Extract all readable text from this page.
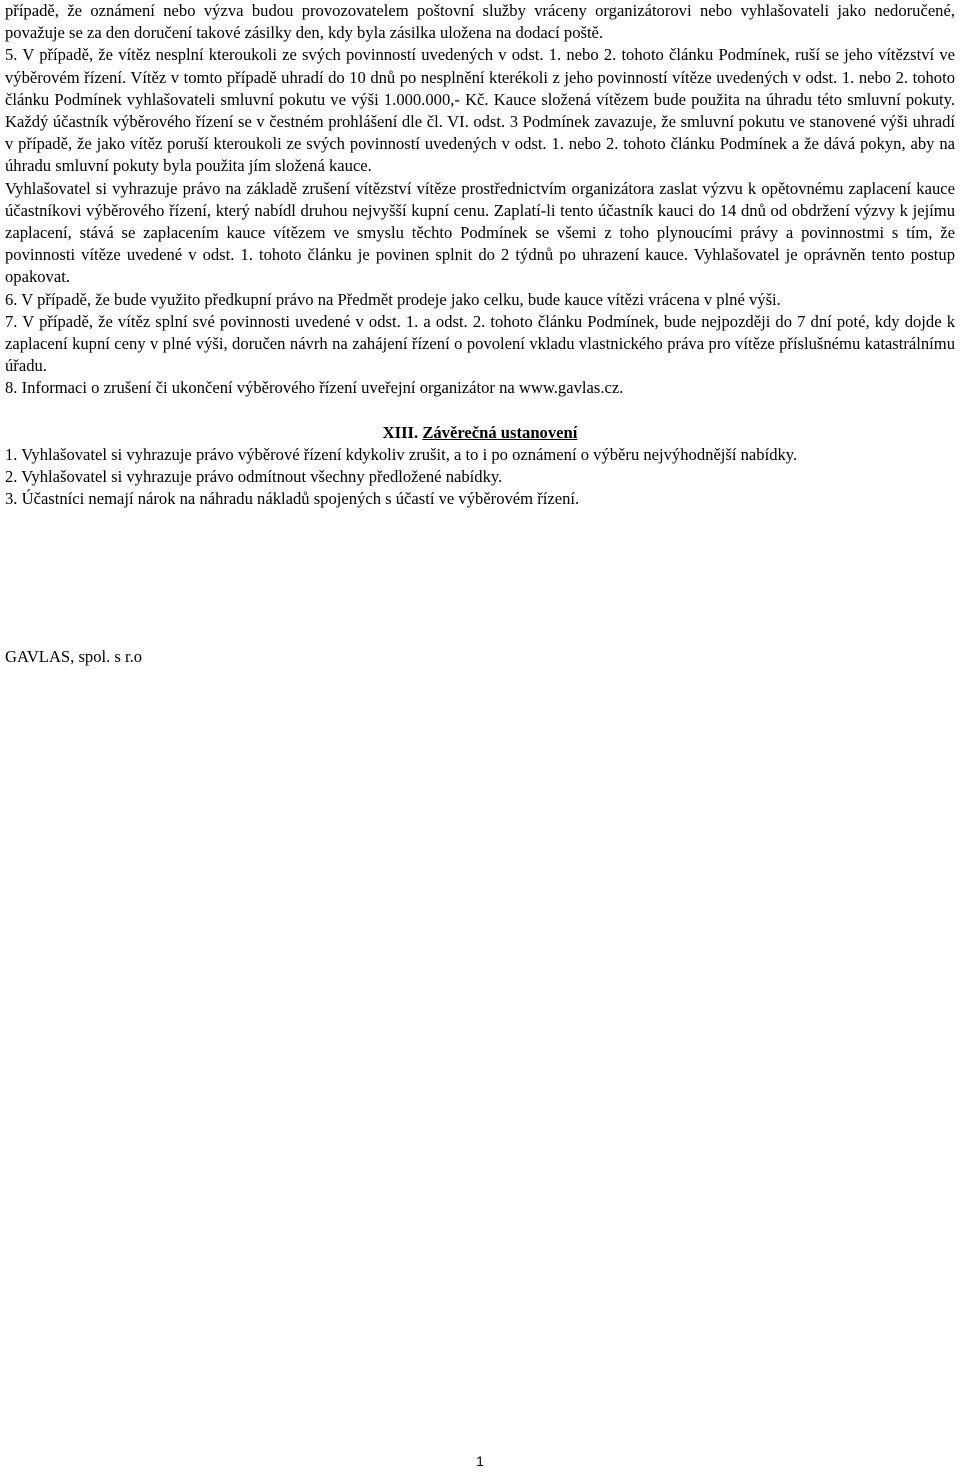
případě, že oznámení nebo výzva budou provozovatelem poštovní služby vráceny organizátorovi nebo vyhlašovateli jako nedoručené, považuje se za den doručení takové zásilky den, kdy byla zásilka uložena na dodací poště.

5. V případě, že vítěz nesplní kteroukoli ze svých povinností uvedených v odst. 1. nebo 2. tohoto článku Podmínek, ruší se jeho vítězství ve výběrovém řízení. Vítěz v tomto případě uhradí do 10 dnů po nesplnění kterékoli z jeho povinností vítěze uvedených v odst. 1. nebo 2. tohoto článku Podmínek vyhlašovateli smluvní pokutu ve výši 1.000.000,- Kč. Kauce složená vítězem bude použita na úhradu této smluvní pokuty. Každý účastník výběrového řízení se v čestném prohlášení dle čl. VI. odst. 3 Podmínek zavazuje, že smluvní pokutu ve stanovené výši uhradí v případě, že jako vítěz poruší kteroukoli ze svých povinností uvedených v odst. 1. nebo 2. tohoto článku Podmínek a že dává pokyn, aby na úhradu smluvní pokuty byla použita jím složená kauce.

Vyhlašovatel si vyhrazuje právo na základě zrušení vítězství vítěze prostřednictvím organizátora zaslat výzvu k opětovnému zaplacení kauce účastníkovi výběrového řízení, který nabídl druhou nejvyšší kupní cenu. Zaplatí-li tento účastník kauci do 14 dnů od obdržení výzvy k jejímu zaplacení, stává se zaplacením kauce vítězem ve smyslu těchto Podmínek se všemi z toho plynoucími právy a povinnostmi s tím, že povinnosti vítěze uvedené v odst. 1. tohoto článku je povinen splnit do 2 týdnů po uhrazení kauce. Vyhlašovatel je oprávněn tento postup opakovat.

6. V případě, že bude využito předkupní právo na Předmět prodeje jako celku, bude kauce vítězi vrácena v plné výši.

7. V případě, že vítěz splní své povinnosti uvedené v odst. 1. a odst. 2. tohoto článku Podmínek, bude nejpozději do 7 dní poté, kdy dojde k zaplacení kupní ceny v plné výši, doručen návrh na zahájení řízení o povolení vkladu vlastnického práva pro vítěze příslušnému katastrálnímu úřadu.

8. Informaci o zrušení či ukončení výběrového řízení uveřejní organizátor na www.gavlas.cz.

XIII. Závěrečná ustanovení

1. Vyhlašovatel si vyhrazuje právo výběrové řízení kdykoliv zrušit, a to i po oznámení o výběru nejvýhodnější nabídky.

2. Vyhlašovatel si vyhrazuje právo odmítnout všechny předložené nabídky.

3. Účastníci nemají nárok na náhradu nákladů spojených s účastí ve výběrovém řízení.

GAVLAS, spol. s r.o
1
